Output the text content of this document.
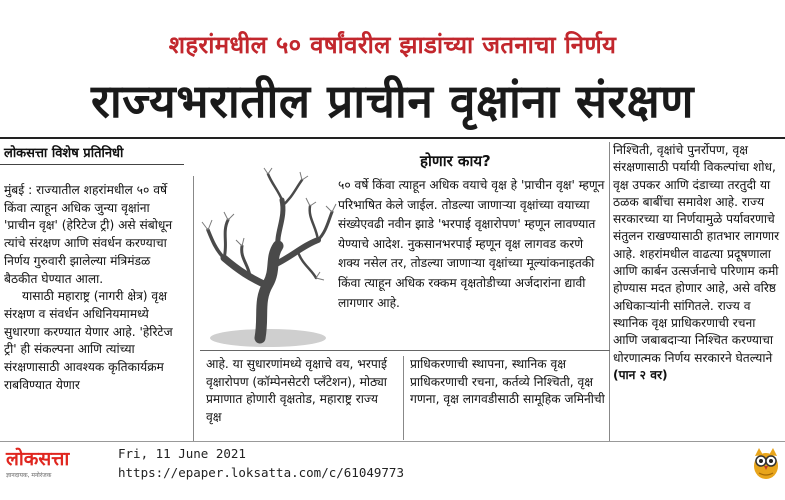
शहरांमधील ५० वर्षांवरील झाडांच्या जतनाचा निर्णय
राज्यभरातील प्राचीन वृक्षांना संरक्षण
लोकसत्ता विशेष प्रतिनिधी

मुंबई : राज्यातील शहरांमधील ५० वर्षे किंवा त्याहून अधिक जुन्या वृक्षांना 'प्राचीन वृक्ष' (हेरिटेज ट्री) असे संबोधून त्यांचे संरक्षण आणि संवर्धन करण्याचा निर्णय गुरुवारी झालेल्या मंत्रिमंडळ बैठकीत घेण्यात आला.

यासाठी महाराष्ट्र (नागरी क्षेत्र) वृक्ष संरक्षण व संवर्धन अधिनियमामध्ये सुधारणा करण्यात येणार आहे. 'हेरिटेज ट्री' ही संकल्पना आणि त्यांच्या संरक्षणासाठी आवश्यक कृतिकार्यक्रम राबविण्यात येणार

होणार काय?
५० वर्षे किंवा त्याहून अधिक वयाचे वृक्ष हे 'प्राचीन वृक्ष' म्हणून परिभाषित केले जाईल. तोडल्या जाणाऱ्या वृक्षांच्या वयाच्या संख्येएवढी नवीन झाडे 'भरपाई वृक्षारोपण' म्हणून लावण्यात येण्याचे आदेश. नुकसानभरपाई म्हणून वृक्ष लागवड करणे शक्य नसेल तर, तोडल्या जाणाऱ्या वृक्षांच्या मूल्यांकनाइतकी किंवा त्याहून अधिक रक्कम वृक्षतोडीच्या अर्जदारांना द्यावी लागणार आहे.
निश्चिती, वृक्षांचे पुनर्रोपण, वृक्ष संरक्षणासाठी पर्यायी विकल्पांचा शोध, वृक्ष उपकर आणि दंडाच्या तरतुदी या ठळक बाबींचा समावेश आहे. राज्य सरकारच्या या निर्णयामुळे पर्यावरणाचे संतुलन राखण्यासाठी हातभार लागणार आहे. शहरांमधील वाढत्या प्रदूषणाला आणि कार्बन उत्सर्जनाचे परिणाम कमी होण्यास मदत होणार आहे, असे वरिष्ठ अधिकाऱ्यांनी सांगितले. राज्य व स्थानिक वृक्ष प्राधिकरणाची रचना आणि जबाबदाऱ्या निश्चित करण्याचा धोरणात्मक निर्णय सरकारने घेतल्याने (पान २ वर)
आहे. या सुधारणांमध्ये वृक्षाचे वय, भरपाई वृक्षारोपण (कॉम्पेनसेटरी प्लँटेशन), मोठ्या प्रमाणात होणारी वृक्षतोड, महाराष्ट्र राज्य वृक्ष
प्राधिकरणाची स्थापना, स्थानिक वृक्ष प्राधिकरणाची रचना, कर्तव्ये निश्चिती, वृक्ष गणना, वृक्ष लागवडीसाठी सामूहिक जमिनीची
लोकसत्ता
ज्ञानदायक, मनोरंजक
Fri, 11 June 2021
https://epaper.loksatta.com/c/61049773
